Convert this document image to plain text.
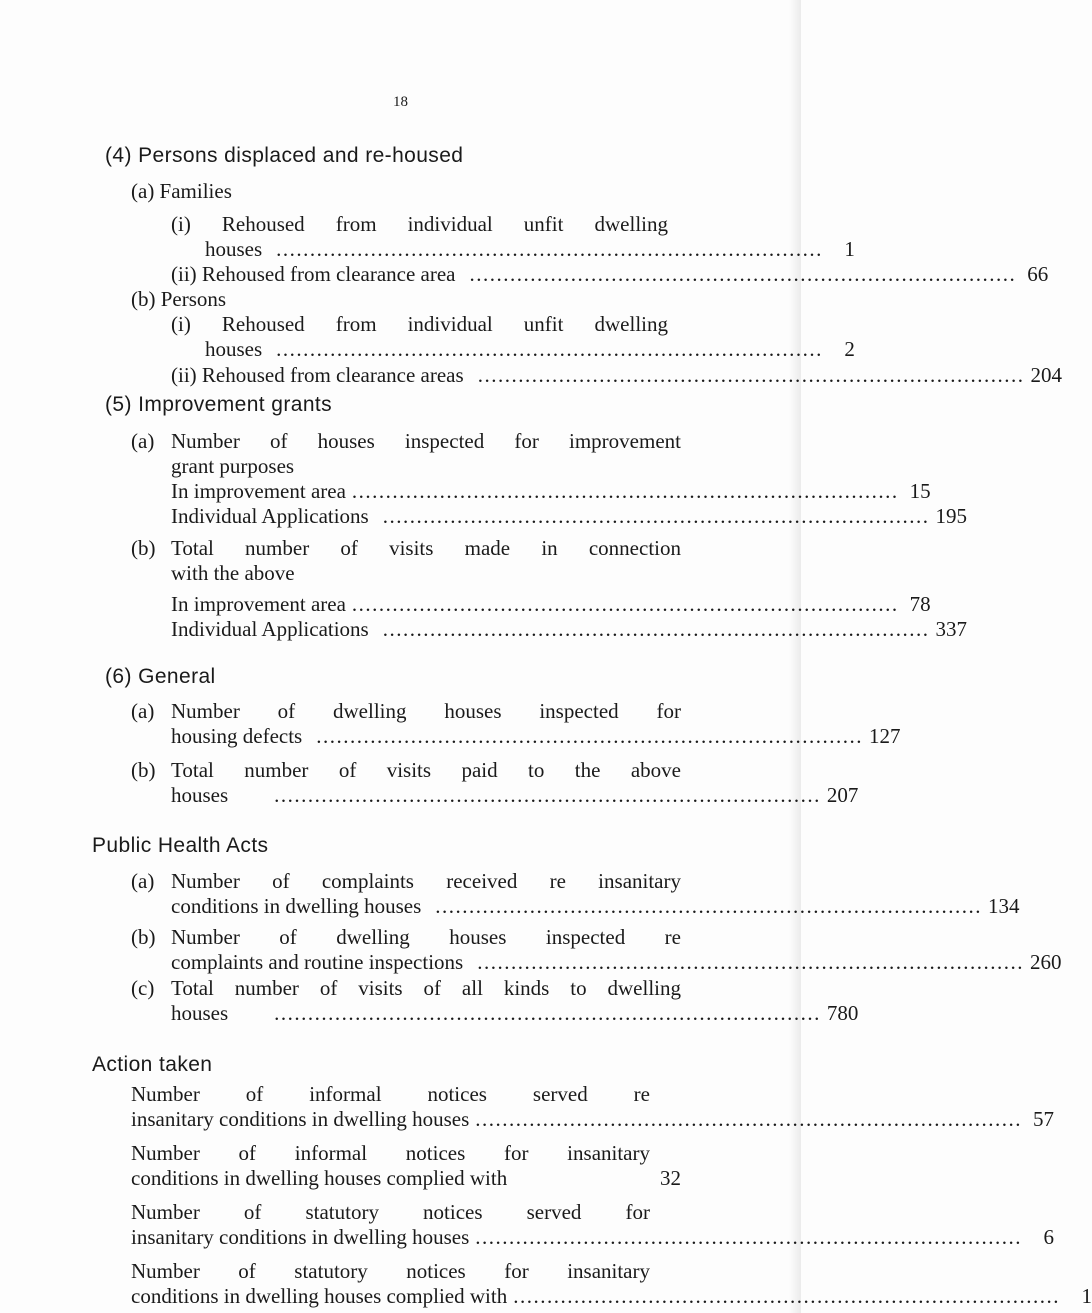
18
(4) Persons displaced and re-housed
(a) Families
(i) Rehoused from individual unfit dwelling
houses .................................................................................	1
(ii) Rehoused from clearance area ................................................................................. 66
(b) Persons
(i) Rehoused from individual unfit dwelling
houses .................................................................................	2
(ii) Rehoused from clearance areas ................................................................................. 204
(5) Improvement grants
(a) Number of houses inspected for improvement
grant purposes
In improvement area ................................................................................. 15
Individual Applications ................................................................................. 195
(b) Total number of visits made in connection
with the above
In improvement area ................................................................................. 78
Individual Applications ................................................................................. 337
(6) General
(a) Number of dwelling houses inspected for
housing defects ................................................................................. 127
(b) Total number of visits paid to the above
houses ................................................................................. 207
Public Health Acts
(a) Number of complaints received re insanitary
conditions in dwelling houses ................................................................................. 134
(b) Number of dwelling houses inspected re
complaints and routine inspections ................................................................................. 260
(c) Total number of visits of all kinds to dwelling
houses ................................................................................. 780
Action taken
Number of informal notices served re
insanitary conditions in dwelling houses ................................................................................. 57
Number of informal notices for insanitary
conditions in dwelling houses complied with	32
Number of statutory notices served for
insanitary conditions in dwelling houses .................................................................................	6
Number of statutory notices for insanitary
conditions in dwelling houses complied with .................................................................................	1
